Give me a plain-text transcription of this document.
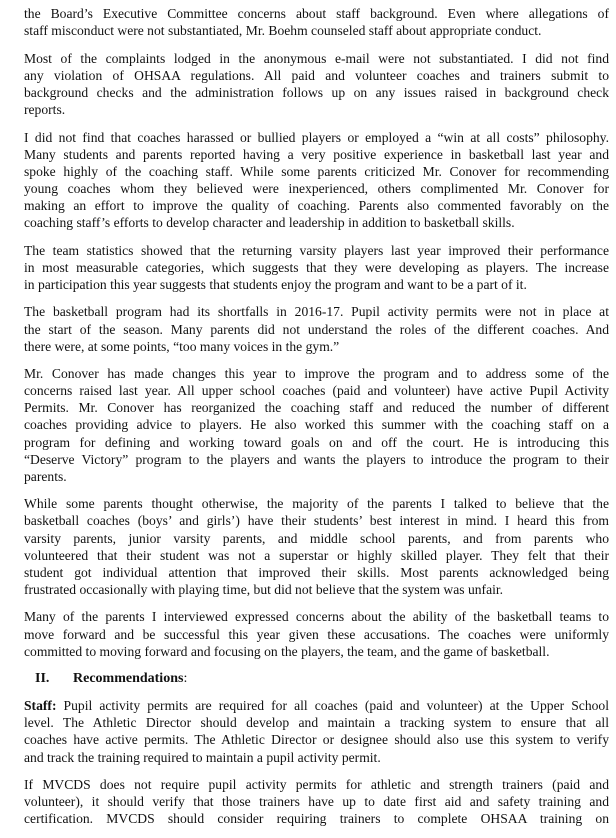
the Board’s Executive Committee concerns about staff background. Even where allegations of
staff misconduct were not substantiated, Mr. Boehm counseled staff about appropriate conduct.
Most of the complaints lodged in the anonymous e-mail were not substantiated. I did not find
any violation of OHSAA regulations. All paid and volunteer coaches and trainers submit to
background checks and the administration follows up on any issues raised in background check
reports.
I did not find that coaches harassed or bullied players or employed a “win at all costs” philosophy.
Many students and parents reported having a very positive experience in basketball last year and
spoke highly of the coaching staff. While some parents criticized Mr. Conover for recommending
young coaches whom they believed were inexperienced, others complimented Mr. Conover for
making an effort to improve the quality of coaching. Parents also commented favorably on the
coaching staff’s efforts to develop character and leadership in addition to basketball skills.
The team statistics showed that the returning varsity players last year improved their performance
in most measurable categories, which suggests that they were developing as players. The increase
in participation this year suggests that students enjoy the program and want to be a part of it.
The basketball program had its shortfalls in 2016-17. Pupil activity permits were not in place at
the start of the season. Many parents did not understand the roles of the different coaches. And
there were, at some points, “too many voices in the gym.”
Mr. Conover has made changes this year to improve the program and to address some of the
concerns raised last year. All upper school coaches (paid and volunteer) have active Pupil Activity
Permits. Mr. Conover has reorganized the coaching staff and reduced the number of different
coaches providing advice to players. He also worked this summer with the coaching staff on a
program for defining and working toward goals on and off the court. He is introducing this
“Deserve Victory” program to the players and wants the players to introduce the program to their
parents.
While some parents thought otherwise, the majority of the parents I talked to believe that the
basketball coaches (boys’ and girls’) have their students’ best interest in mind. I heard this from
varsity parents, junior varsity parents, and middle school parents, and from parents who
volunteered that their student was not a superstar or highly skilled player. They felt that their
student got individual attention that improved their skills. Most parents acknowledged being
frustrated occasionally with playing time, but did not believe that the system was unfair.
Many of the parents I interviewed expressed concerns about the ability of the basketball teams to
move forward and be successful this year given these accusations. The coaches were uniformly
committed to moving forward and focusing on the players, the team, and the game of basketball.
II. Recommendations:
Staff: Pupil activity permits are required for all coaches (paid and volunteer) at the Upper School
level. The Athletic Director should develop and maintain a tracking system to ensure that all
coaches have active permits. The Athletic Director or designee should also use this system to verify
and track the training required to maintain a pupil activity permit.
If MVCDS does not require pupil activity permits for athletic and strength trainers (paid and
volunteer), it should verify that those trainers have up to date first aid and safety training and
certification. MVCDS should consider requiring trainers to complete OHSAA training on
